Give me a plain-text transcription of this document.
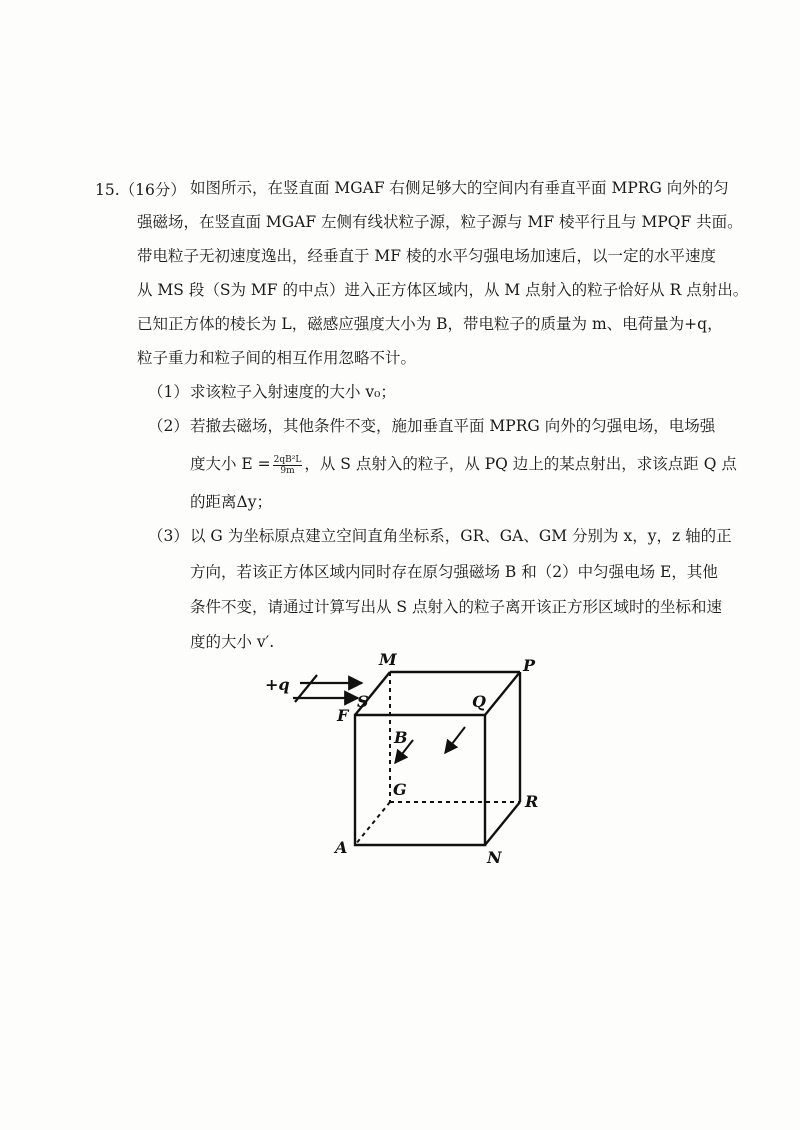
15.（16分） 如图所示，在竖直面 MGAF 右侧足够大的空间内有垂直平面 MPRG 向外的匀
强磁场，在竖直面 MGAF 左侧有线状粒子源，粒子源与 MF 棱平行且与 MPQF 共面。
带电粒子无初速度逸出，经垂直于 MF 棱的水平匀强电场加速后，以一定的水平速度
从 MS 段（S为 MF 的中点）进入正方体区域内，从 M 点射入的粒子恰好从 R 点射出。
已知正方体的棱长为 L，磁感应强度大小为 B，带电粒子的质量为 m、电荷量为+q，
粒子重力和粒子间的相互作用忽略不计。
（1） 求该粒子入射速度的大小 v₀；
（2） 若撤去磁场，其他条件不变，施加垂直平面 MPRG 向外的匀强电场，电场强
度大小 $E = \frac{\text{2qB²L}}{9m}$ ，从 S 点射入的粒子，从 PQ 边上的某点射出，求该点距 Q 点
的距离Δy；
（3） 以 G 为坐标原点建立空间直角坐标系，GR、GA、GM 分别为 x，y，z 轴的正
方向，若该正方体区域内同时存在原匀强磁场 B 和（2）中匀强电场 E，其他
条件不变，请通过计算写出从 S 点射入的粒子离开该正方形区域时的坐标和速
度的大小 v′.
+q
M	P
S	Q
F
B
G
R
A
N
